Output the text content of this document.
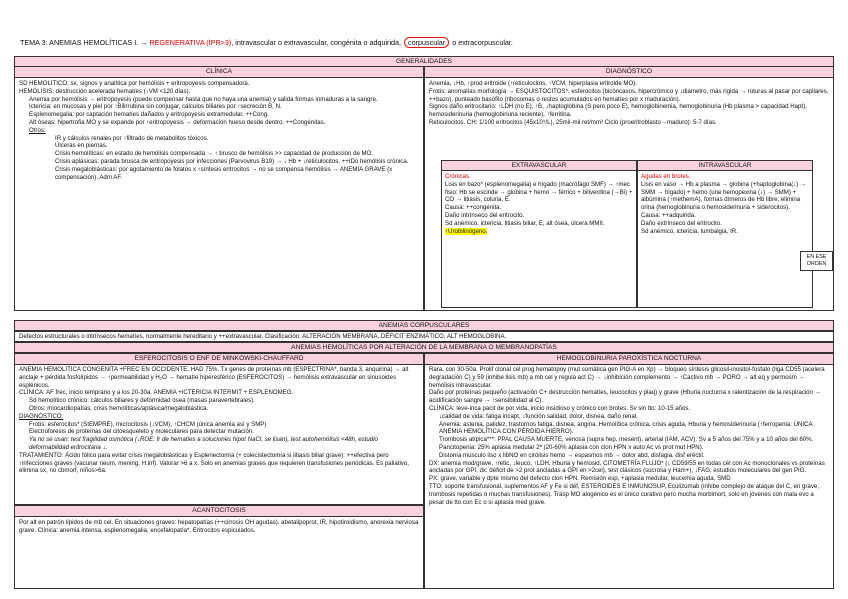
TEMA 3: ANEMIAS HEMOLÍTICAS I. → REGENERATIVA (IPR>3), intravascular o extravascular, congénita o adquirida, corpuscular o extracorpuscular.
GENERALIDADES
CLÍNICA

SD HEMOLÍTICO: sx, signos y analítica por hemólisis + eritropoyesis compensadora.

HEMÓLISIS: destrucción acelerada hematíes (↓VM <120 días).

Anemia por hemólisis → eritropoyesis (puede compensar hasta que no haya una anemia) y salida formas inmaduras a la sangre.

Ictericia: en mucosas y piel por ↑Bilirrubina sin conjugar, cálculos biliares por ↑secreción B, N.

Esplenomegalia: por captación hematíes dañados y eritropoyesis extramedular. ++Cong.

Alt óseas: hipertrofia MO y se expande por ↑eritropoyesis → deformación hueso desde dentro. ++Congénitas.

Otros:

IR y cálculos renales por ↑filtrado de metabolitos tóxicos.

Úlceras en piernas.

Crisis hemolíticas: en estado de hemólisis compensada → ↑ brusco de hemólisis >> capacidad de producción de MO.

Crisis aplásicas: parada brusca de eritropoyesis por infecciones (Parvovirus B19) → ↓ Hb + ↓reticulocitos. ++IDo hemólisis crónica.

Crisis megaloblásticas: por agotamiento de folatos x ↑síntesis eritrocitos → no se compensa hemólisis → ANEMIA GRAVE (x compensación). Adm AF.

DIAGNÓSTICO

Anemia, ↓Hb, ↑prod eritroide (↑reticulocitos, ↑VCM, hiperplasia eritroide MO).

Frotis: anomalías morfología → ESQUISTOCITOS*, esferocitos (bicóncavos, hipercrómico y ↓diámetro, más rígida → roturas al pasar por capilares, ++bazo), punteado basófilo (ribosomas o restos acumulados en hematíes por x maduración).

Signos daño eritrocitario: ↑LDH (no E), ↑B, ↓haptoglobina (S pero poco E), hemoglobinemia, hemoglobinuria (Hb plasma > capacidad Hapt), hemosiderinuria (hemoglobinuria reciente), ↑ferritina.

Reticulocitos. CH: 1/100 eritrocitos (45x10⁹/L), 25mil-mil ret/mm³ Ciclo (proeritroblasto→maduro): 5-7 días.

EXTRAVASCULAR

Crónicas.

Lisis en bazo* (esplenomegalia) e hígado (macrófago SMF) → ↑mec fisio: Hb se escinde → globina + hemo → férrico + biliverdina (→Bi) + CO → litiasis, coluria, E.

Causa: ++congénita.

Daño intrínseco del eritrocito.

Sd anémico, ictericia, litiasis biliar, E, alt ósea, úlcera MMII.

↑Urobilinógeno.

INTRAVASCULAR

Agudas en brotes.

Lisis en vaso → Hb a plasma → globina (+haptoglobina(↓) → SMM → hígado) + hemo (une hemopexina (↓) → SMM) + albúmina (↑methemA), formas dímeros de Hb libre, elimina orina (hemoglobinuria o hemosiderinuria + siderocitos).

Causa: ++adquirida.

Daño extrínseco del eritrocito.

Sd anémico, ictericia, lumbalgia, IR.

EN ESE ORDEN
ANEMIAS CORPUSCULARES
Defectos estructurales o intrínsecos hematíes, normalmente hereditario y ++extravascular. Clasificación: ALTERACIÓN MEMBRANA, DÉFICIT ENZIMÁTICO, ALT HEMOGLOBINA.
ANEMIAS HEMOLÍTICAS POR ALTERACIÓN DE LA MEMBRANA O MEMBRANOPATÍAS
ESFEROCITOSIS O ENF DE MINKOWSKI-CHAUFFARD

ANEMIA HEMOLÍTICA CONGÉNITA +FREC EN OCCIDENTE. HAD 75%. Tx genes de proteínas mb (ESPECTRINA*, banda 3, anquirina) → alt anclaje + pérdida fosfolípidos → ↑permeabilidad y H₂O → hematíe hiperesférico (ESFEROCITOS) → hemólisis extravascular en sinusoides esplénicos.

CLÍNICA: AF frec, inicio temprano y a los 20-30a. ANEMIA +ICTERICIA INTERMIT + ESPLENOMEG.

Sd hemolítico crónico: cálculos biliares y deformidad ósea (masas paravertebrales).

Otros: miocardiopatías, crisis hemolíticas/aplásica/megaloblástica.

DIAGNÓSTICO:

Frotis: esferocitos* (SIEMPRE), microcitosis (↓VCM), ↑CHCM (única anemia así y SMP)

Electroforesis de proteínas del citoesqueleto y moleculares para detectar mutación.

Ya no se usan: test fragilidad osmótica (↓ROE: fr de hematíes a soluciones hipot NaCl, se lisan), test autohemólisis <48h, estudio deformabilidad eritrocitaria ↓.

TRATAMIENTO: Ácido fólico para evitar crisis megaloblásticas y Esplenectomía (+ colecistectomía si litiasis biliar grave): ++efectiva pero ↑infecciones graves (vacunar neum, mening, H.inf). Valorar >6 a x. Solo en anemias graves que requieren transfusiones periódicas. Es paliativo, elimina sx, no cbmorf, niños>6a.

ACANTOCITOSIS
Por alt en patrón lípidos de mb cel. En situaciones graves: hepatopatías (++cirrosis OH agudas), abetalipoprot, IR, hipotiroidismo, anorexia nerviosa grave. Clínica: anemia intensa, esplenomegalia, encefalopatía*. Eritrocitos espiculados.
HEMOGLOBINURIA PAROXÍSTICA NOCTURNA

Rara, con 30-50a. Prolif clonal cel prog hematopoy (mut somática gen PIG-A en Xp) → bloqueo síntesis glicosil-inositol-fosfato (liga CD55 (acelera degradación C) y 59 (inhibe lisis mb) a mb cel y regula act C) → ↓inhibición complemento → ↑Cactivo mb → PORO → alt eq y permosm → hemólisis intravascular.

Daño por proteínas pequeño (activación C+ destrucción hematíes, leucocitos y plaq) y grave (Hburia nocturna x ralentización de la respiración → acidificación sangre → ↑sensibilidad al C).

CLÍNICA: leve-inca pacit de por vida, inicio insidioso y crónico con brotes. Sv sin tto: 10-15 años.

↓calidad de vida: fatiga incapt, ↓función salidad, dolor, disnea, daño renal.

Anemia: astenia, palidez, trastornos fatiga, disnea, angina. Hemolítica crónica, crisis aguda, Hburia y hemosiderinuria (↑ferropenia: ÚNICA ANEMIA HEMOLÍTICA CON PÉRDIDA HIERRO).

Trombosis atípica***: PPAL CAUSA MUERTE, venosa (supra hep, mesent), arterial (IAM, ACV). Sv a 5 años del 75% y a 10 años del 60%.

Pancitopenia: 25% aplasia medular 2ª (20-60% aplasia con clon HPN x auto Ac vs prot mut HPN).

Distonía músculo liso x libNO en cirólisis hemo → espasmos mb → dolor abd, disfagia, disf eréctil.

DX: anemia mod/grave, ↑retic, ↓leuco, ↑LDH, Hburia y hemosid, CITOMETRÍA FLUJO* (↓ CD59/55 en todas cél con Ac monoclonales vs proteínas ancladas por GPI, dx: déficit de >2 prot ancladas a GPI en >2cel), test clásicos (sucrosa y Ham+), ↓FAG, estudios moleculares del gen PIG.

PX: grave, variable y dpte mismo del defecto clon HPN. Remisión esp, +aplasia medular, leucemia aguda, SMD

TTO: soporte transfusional, suplementos AF y Fe si déf, ESTEROIDES E INMUNOSUP, Eculizumab (inhibe complejo de ataque del C, en grave, trombosis repetidas o muchas transfusiones). Trasp MO alogénico es el único curativo pero mucha morbimort, solo en jóvenes con mala evo a pesar de tto con Ec o si aplasia med grave.
